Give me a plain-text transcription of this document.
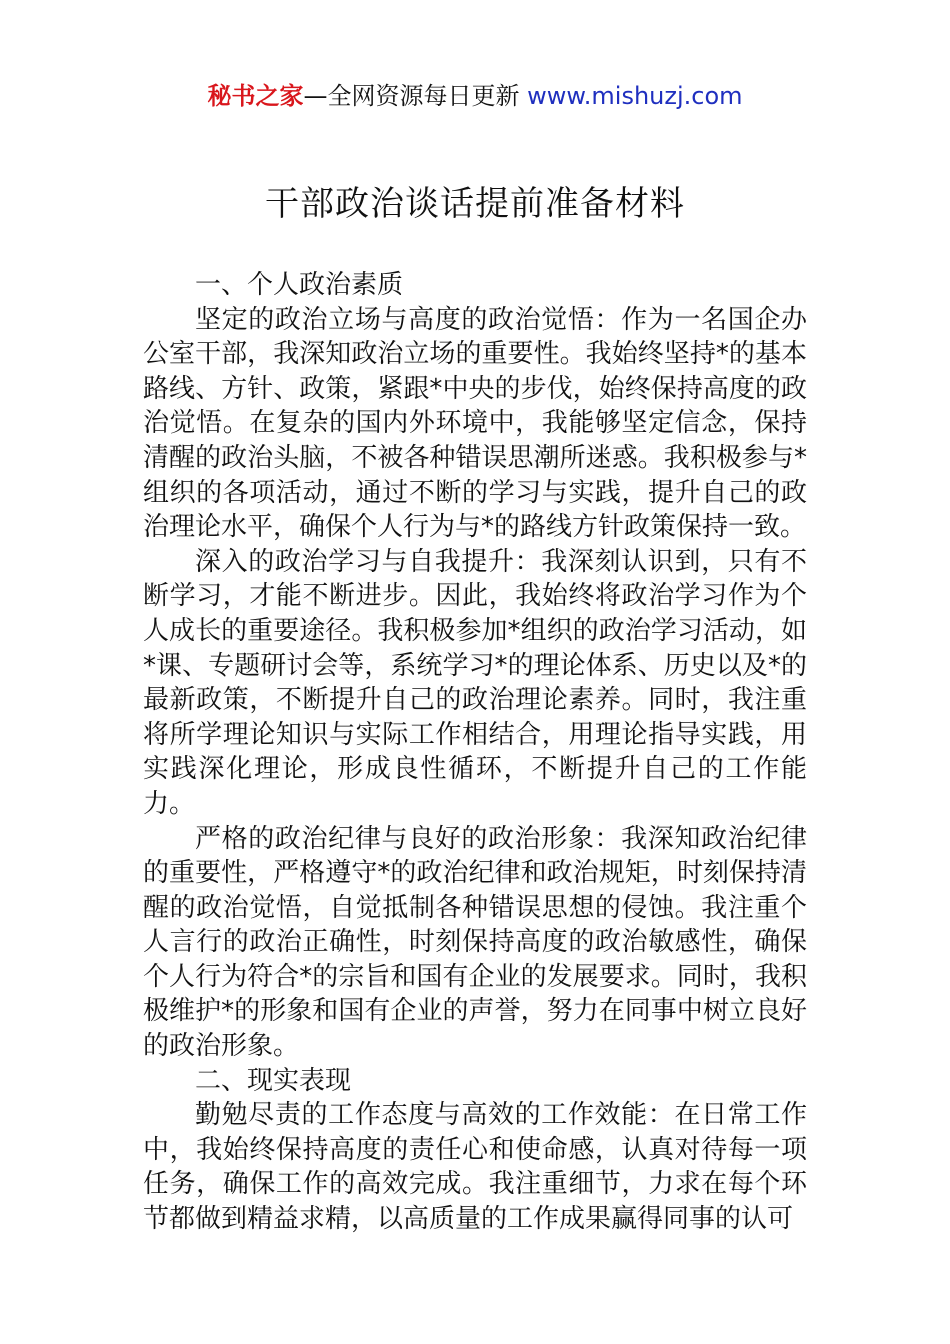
秘书之家—全网资源每日更新 www.mishuzj.com
干部政治谈话提前准备材料

一、个人政治素质

坚定的政治立场与高度的政治觉悟：作为一名国企办公室干部，我深知政治立场的重要性。我始终坚持*的基本路线、方针、政策，紧跟*中央的步伐，始终保持高度的政治觉悟。在复杂的国内外环境中，我能够坚定信念，保持清醒的政治头脑，不被各种错误思潮所迷惑。我积极参与*组织的各项活动，通过不断的学习与实践，提升自己的政治理论水平，确保个人行为与*的路线方针政策保持一致。

深入的政治学习与自我提升：我深刻认识到，只有不断学习，才能不断进步。因此，我始终将政治学习作为个人成长的重要途径。我积极参加*组织的政治学习活动，如*课、专题研讨会等，系统学习*的理论体系、历史以及*的最新政策，不断提升自己的政治理论素养。同时，我注重将所学理论知识与实际工作相结合，用理论指导实践，用实践深化理论，形成良性循环，不断提升自己的工作能力。

严格的政治纪律与良好的政治形象：我深知政治纪律的重要性，严格遵守*的政治纪律和政治规矩，时刻保持清醒的政治觉悟，自觉抵制各种错误思想的侵蚀。我注重个人言行的政治正确性，时刻保持高度的政治敏感性，确保个人行为符合*的宗旨和国有企业的发展要求。同时，我积极维护*的形象和国有企业的声誉，努力在同事中树立良好的政治形象。

二、现实表现

勤勉尽责的工作态度与高效的工作效能：在日常工作中，我始终保持高度的责任心和使命感，认真对待每一项任务，确保工作的高效完成。我注重细节，力求在每个环节都做到精益求精，以高质量的工作成果赢得同事的认可
